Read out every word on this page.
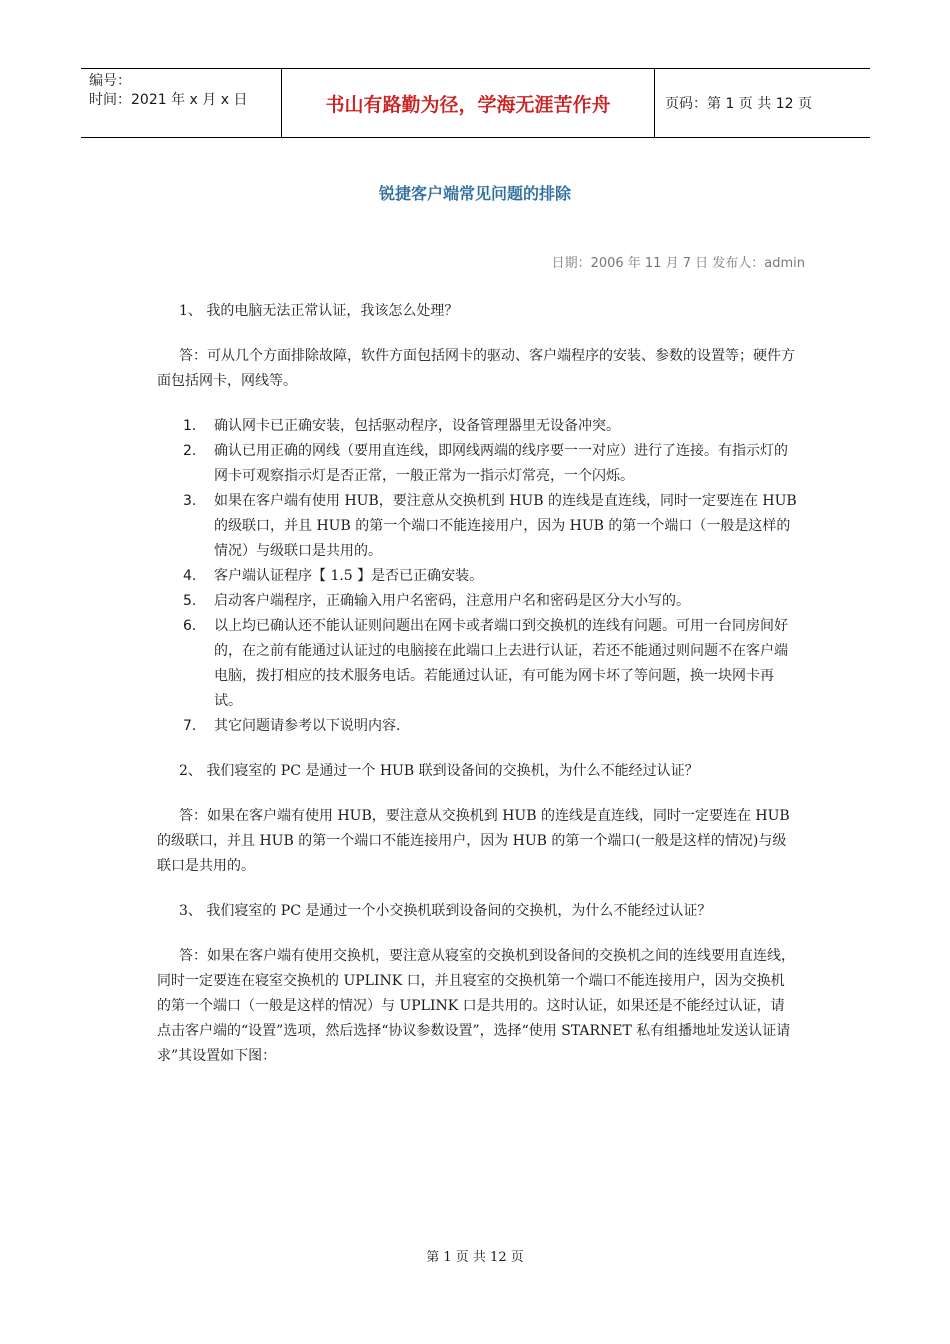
编号：
时间：2021 年 x 月 x 日	书山有路勤为径，学海无涯苦作舟	页码：第 1 页 共 12 页
锐捷客户端常见问题的排除
日期：2006 年 11 月 7 日 发布人：admin

1、 我的电脑无法正常认证，我该怎么处理？

答：可从几个方面排除故障，软件方面包括网卡的驱动、客户端程序的安装、参数的设置等；硬件方面包括网卡，网线等。

1. 确认网卡已正确安装，包括驱动程序，设备管理器里无设备冲突。
2. 确认已用正确的网线（要用直连线，即网线两端的线序要一一对应）进行了连接。有指示灯的网卡可观察指示灯是否正常，一般正常为一指示灯常亮，一个闪烁。
3. 如果在客户端有使用 HUB，要注意从交换机到 HUB 的连线是直连线，同时一定要连在 HUB 的级联口，并且 HUB 的第一个端口不能连接用户，因为 HUB 的第一个端口（一般是这样的情况）与级联口是共用的。
4. 客户端认证程序【 1.5 】是否已正确安装。
5. 启动客户端程序，正确输入用户名密码，注意用户名和密码是区分大小写的。
6. 以上均已确认还不能认证则问题出在网卡或者端口到交换机的连线有问题。可用一台同房间好的，在之前有能通过认证过的电脑接在此端口上去进行认证，若还不能通过则问题不在客户端电脑，拨打相应的技术服务电话。若能通过认证，有可能为网卡坏了等问题，换一块网卡再试。
7. 其它问题请参考以下说明内容.

2、 我们寝室的 PC 是通过一个 HUB 联到设备间的交换机，为什么不能经过认证？

答：如果在客户端有使用 HUB，要注意从交换机到 HUB 的连线是直连线，同时一定要连在 HUB 的级联口，并且 HUB 的第一个端口不能连接用户，因为 HUB 的第一个端口(一般是这样的情况)与级联口是共用的。

3、 我们寝室的 PC 是通过一个小交换机联到设备间的交换机，为什么不能经过认证？

答：如果在客户端有使用交换机，要注意从寝室的交换机到设备间的交换机之间的连线要用直连线，同时一定要连在寝室交换机的 UPLINK 口，并且寝室的交换机第一个端口不能连接用户，因为交换机的第一个端口（一般是这样的情况）与 UPLINK 口是共用的。这时认证，如果还是不能经过认证，请点击客户端的“设置”选项，然后选择“协议参数设置”，选择“使用 STARNET 私有组播地址发送认证请求”其设置如下图：

第 1 页 共 12 页
